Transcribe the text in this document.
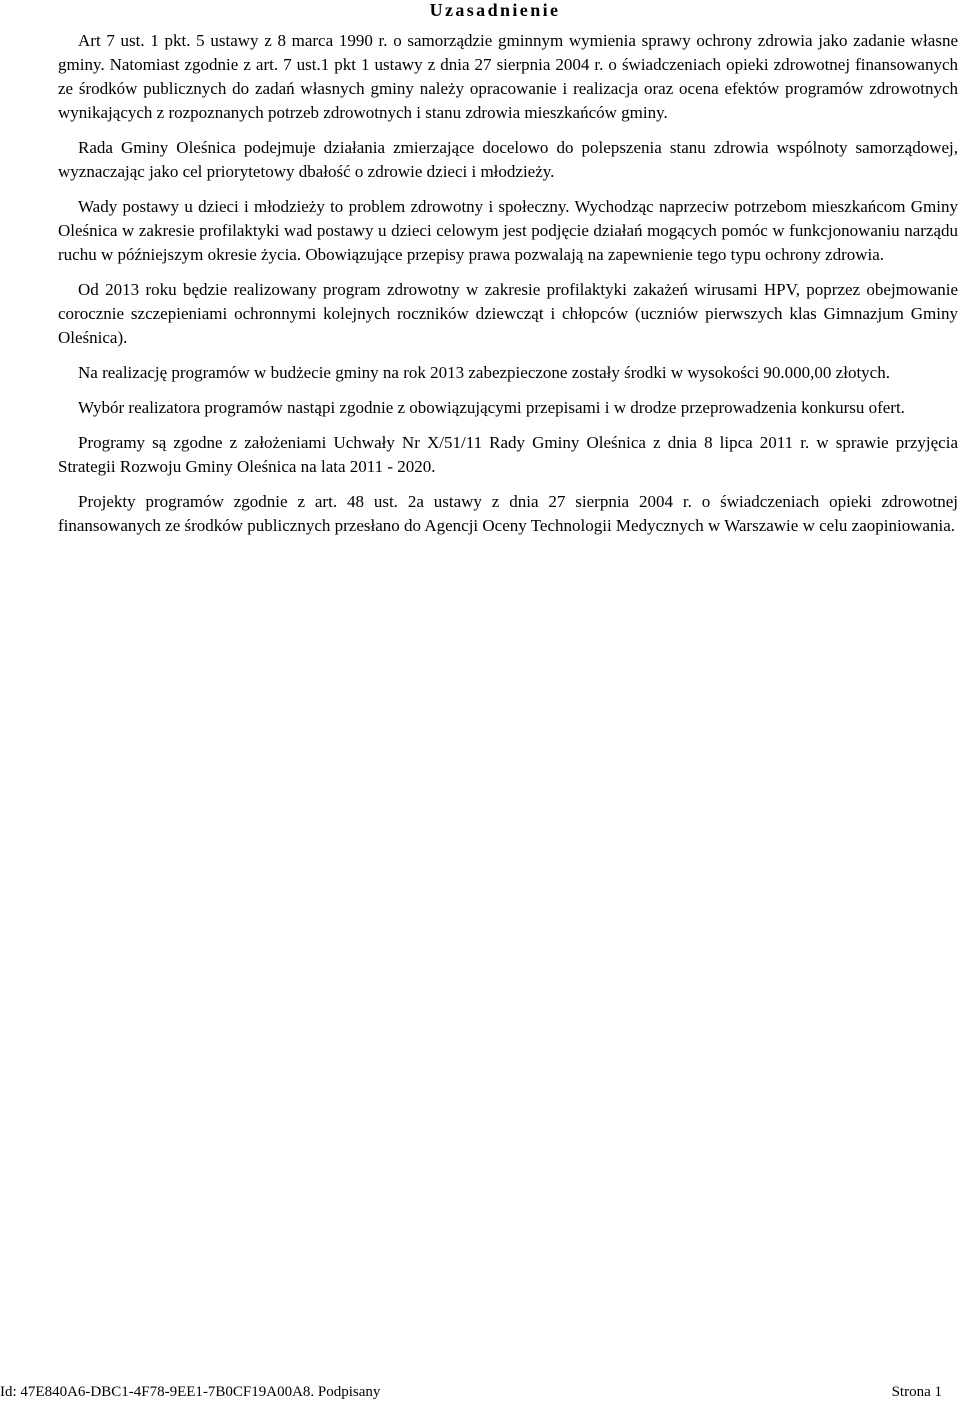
Uzasadnienie

Art 7 ust. 1 pkt. 5 ustawy z 8 marca 1990 r. o samorządzie gminnym wymienia sprawy ochrony zdrowia jako zadanie własne gminy. Natomiast zgodnie z art. 7 ust.1 pkt 1 ustawy z dnia 27 sierpnia 2004 r. o świadczeniach opieki zdrowotnej finansowanych ze środków publicznych do zadań własnych gminy należy opracowanie i realizacja oraz ocena efektów programów zdrowotnych wynikających z rozpoznanych potrzeb zdrowotnych i stanu zdrowia mieszkańców gminy.

Rada Gminy Oleśnica podejmuje działania zmierzające docelowo do polepszenia stanu zdrowia wspólnoty samorządowej, wyznaczając jako cel priorytetowy dbałość o zdrowie dzieci i młodzieży.

Wady postawy u dzieci i młodzieży to problem zdrowotny i społeczny. Wychodząc naprzeciw potrzebom mieszkańcom Gminy Oleśnica w zakresie profilaktyki wad postawy u dzieci celowym jest podjęcie działań mogących pomóc w funkcjonowaniu narządu ruchu w późniejszym okresie życia. Obowiązujące przepisy prawa pozwalają na zapewnienie tego typu ochrony zdrowia.

Od 2013 roku będzie realizowany program zdrowotny w zakresie profilaktyki zakażeń wirusami HPV, poprzez obejmowanie corocznie szczepieniami ochronnymi kolejnych roczników dziewcząt i chłopców (uczniów pierwszych klas Gimnazjum Gminy Oleśnica).

Na realizację programów w budżecie gminy na rok 2013 zabezpieczone zostały środki w wysokości 90.000,00 złotych.

Wybór realizatora programów nastąpi zgodnie z obowiązującymi przepisami i w drodze przeprowadzenia konkursu ofert.

Programy są zgodne z założeniami Uchwały Nr X/51/11 Rady Gminy Oleśnica z dnia 8 lipca 2011 r. w sprawie przyjęcia Strategii Rozwoju Gminy Oleśnica na lata 2011 - 2020.

Projekty programów zgodnie z art. 48 ust. 2a ustawy z dnia 27 sierpnia 2004 r. o świadczeniach opieki zdrowotnej finansowanych ze środków publicznych przesłano do Agencji Oceny Technologii Medycznych w Warszawie w celu zaopiniowania.

Id: 47E840A6-DBC1-4F78-9EE1-7B0CF19A00A8. Podpisany	Strona 1
